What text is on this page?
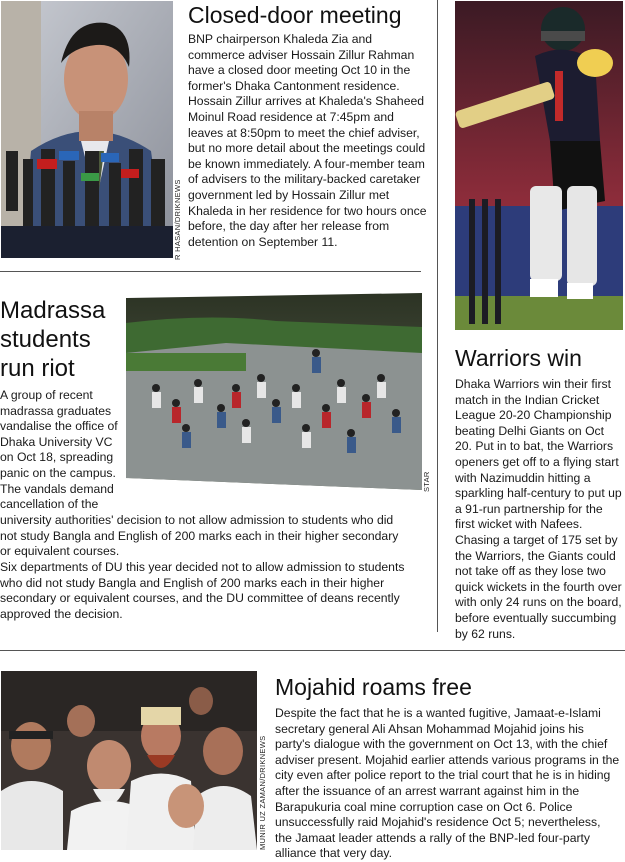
R HASAN/DRIKNEWS
Closed-door meeting

BNP chairperson Khaleda Zia and commerce adviser Hossain Zillur Rahman have a closed door meeting Oct 10 in the former's Dhaka Cantonment residence. Hossain Zillur arrives at Khaleda's Shaheed Moinul Road residence at 7:45pm and leaves at 8:50pm to meet the chief adviser, but no more detail about the meetings could be known immediately. A four-member team of advisers to the military-backed caretaker government led by Hossain Zillur met Khaleda in her residence for two hours once before, the day after her release from detention on September 11.

Warriors win

Dhaka Warriors win their first match in the Indian Cricket League 20-20 Championship beating Delhi Giants on Oct 20. Put in to bat, the Warriors openers get off to a flying start with Nazimuddin hitting a sparkling half-century to put up a 91-run partnership for the first wicket with Nafees. Chasing a target of 175 set by the Warriors, the Giants could not take off as they lose two quick wickets in the fourth over with only 24 runs on the board, before eventually succumbing by 62 runs.

Madrassa
students
run riot

A group of recent madrassa graduates vandalise the office of Dhaka University VC on Oct 18, spreading panic on the campus. The vandals demand cancellation of the

STAR

university authorities' decision to not allow admission to students who did not study Bangla and English of 200 marks each in their higher secondary or equivalent courses.

Six departments of DU this year decided not to allow admission to students who did not study Bangla and English of 200 marks each in their higher secondary or equivalent courses, and the DU committee of deans recently approved the decision.

MUNIR UZ ZAMAN/DRIKNEWS
Mojahid roams free

Despite the fact that he is a wanted fugitive, Jamaat-e-Islami secretary general Ali Ahsan Mohammad Mojahid joins his party's dialogue with the government on Oct 13, with the chief adviser present. Mojahid earlier attends various programs in the city even after police report to the trial court that he is in hiding after the issuance of an arrest warrant against him in the Barapukuria coal mine corruption case on Oct 6. Police unsuccessfully raid Mojahid's residence Oct 5; nevertheless, the Jamaat leader attends a rally of the BNP-led four-party alliance that very day.
